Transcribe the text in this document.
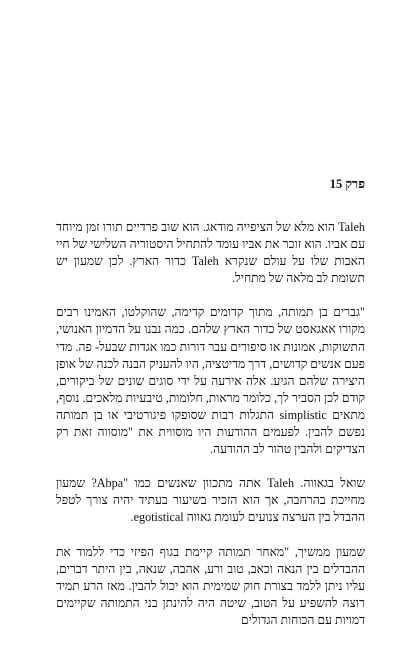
פרק 15

Taleh הוא מלא של הציפייה מודאג. הוא שוב פרדיים תורו זמן מיוחד עם אביו. הוא זוכר את אביו עומד להתחיל היסטוריה השלישי של חיי האבות שלו על עולם שנקרא Taleh כדור הארץ. לכן שמעון יש תשומת לב מלאה של מתחיל.

"גברים בן תמותה, מתוך קדומים קדימה, שהוקלטו, האמינו רבים מקורו אאגאסט של כדור הארץ שלהם. כמה נבנו על הדמיון האנושי, התשוקות, אמונות או סיפורים עבר דורות כמו אגדות שבעל- פה. מדי פעם אנשים קדושים, דרך מדיטציה, היו להעניק הבנה לכנה של אופן היצירה שלהם הגיע. אלה אירעה על ידי סוגים שונים של ביקורים, קודם לכן הסביר לך, כלומר מראות, חלומות, טיבעיות מלאכים. נוסף, מתאים simplistic התגלות רבות שסופקו פיגורטיבי או בן תמותה נפשם להבין. לפעמים ההודעות היו מוסווית את "מוסווה זאת רק הצדיקים ולהבין טהור לב ההודעה.

שואל בגאווה. Taleh אתה מתכוון שאנשים כמו "Abpa? שמעון מחייכת בהרחבה, אך הוא הזכיר בשיעור בעתיד יהיה צורך לטפל ההבדל בין הערצה צנועים לעומת גאווה egotistical.

שמעון ממשיך, "מאחר תמותה קיימת בגוף הפיזי כדי ללמוד את ההבדלים בין הנאה וכאב, טוב ורע, אהבה, שנאה, בין היתר דברים, עליו ניתן ללמד בצורת חוק שמימית הוא יכול להבין. מאז הרע תמיד רוצה להשפיע על הטוב, שיטה היה להינתן בני התמותה שקיימים דמויות עם הכוחות הגדולים
